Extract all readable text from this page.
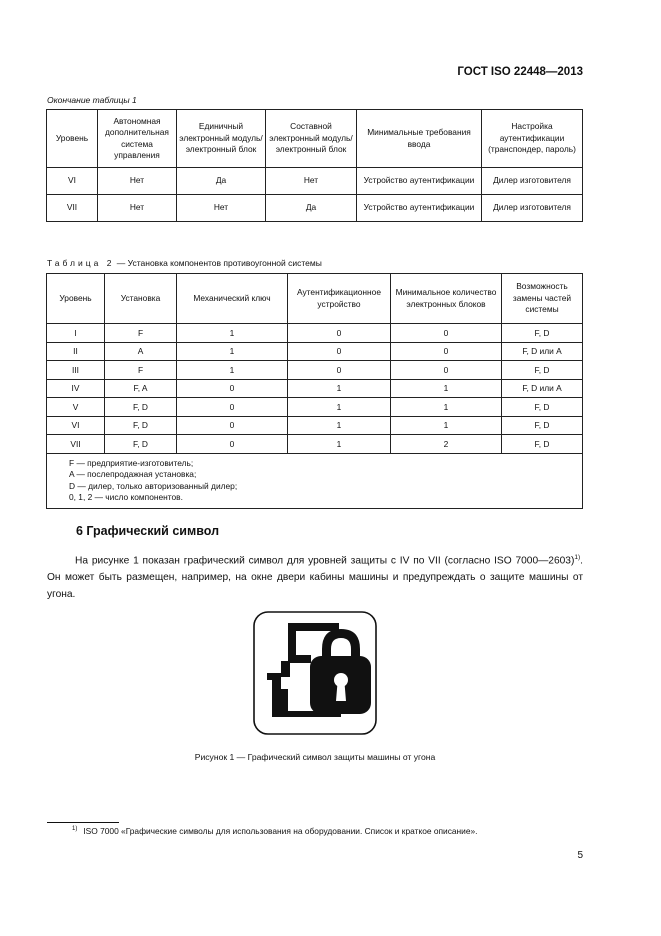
ГОСТ ISO 22448—2013
Окончание таблицы 1
Уровень	Автономная дополнительная система управления	Единичный электронный модуль/ электронный блок	Составной электронный модуль/ электронный блок	Минимальные требования ввода	Настройка аутентификации (транспондер, пароль)
VI	Нет	Да	Нет	Устройство аутентификации	Дилер изготовителя
VII	Нет	Нет	Да	Устройство аутентификации	Дилер изготовителя
Таблица 2 — Установка компонентов противоугонной системы
Уровень	Установка	Механический ключ	Аутентификационное устройство	Минимальное количество электронных блоков	Возможность замены частей системы
I	F	1	0	0	F, D
II	A	1	0	0	F, D или A
III	F	1	0	0	F, D
IV	F, A	0	1	1	F, D или A
V	F, D	0	1	1	F, D
VI	F, D	0	1	1	F, D
VII	F, D	0	1	2	F, D

F — предприятие-изготовитель;
A — послепродажная установка;
D — дилер, только авторизованный дилер;
0, 1, 2 — число компонентов.					
6 Графический символ
На рисунке 1 показан графический символ для уровней защиты с IV по VII (согласно ISO 7000—2603)$^{1)}$. Он может быть размещен, например, на окне двери кабины машины и предупреждать о защите машины от угона.
Рисунок 1 — Графический символ защиты машины от угона
$^{1)}$ ISO 7000 «Графические символы для использования на оборудовании. Список и краткое описание».
5
